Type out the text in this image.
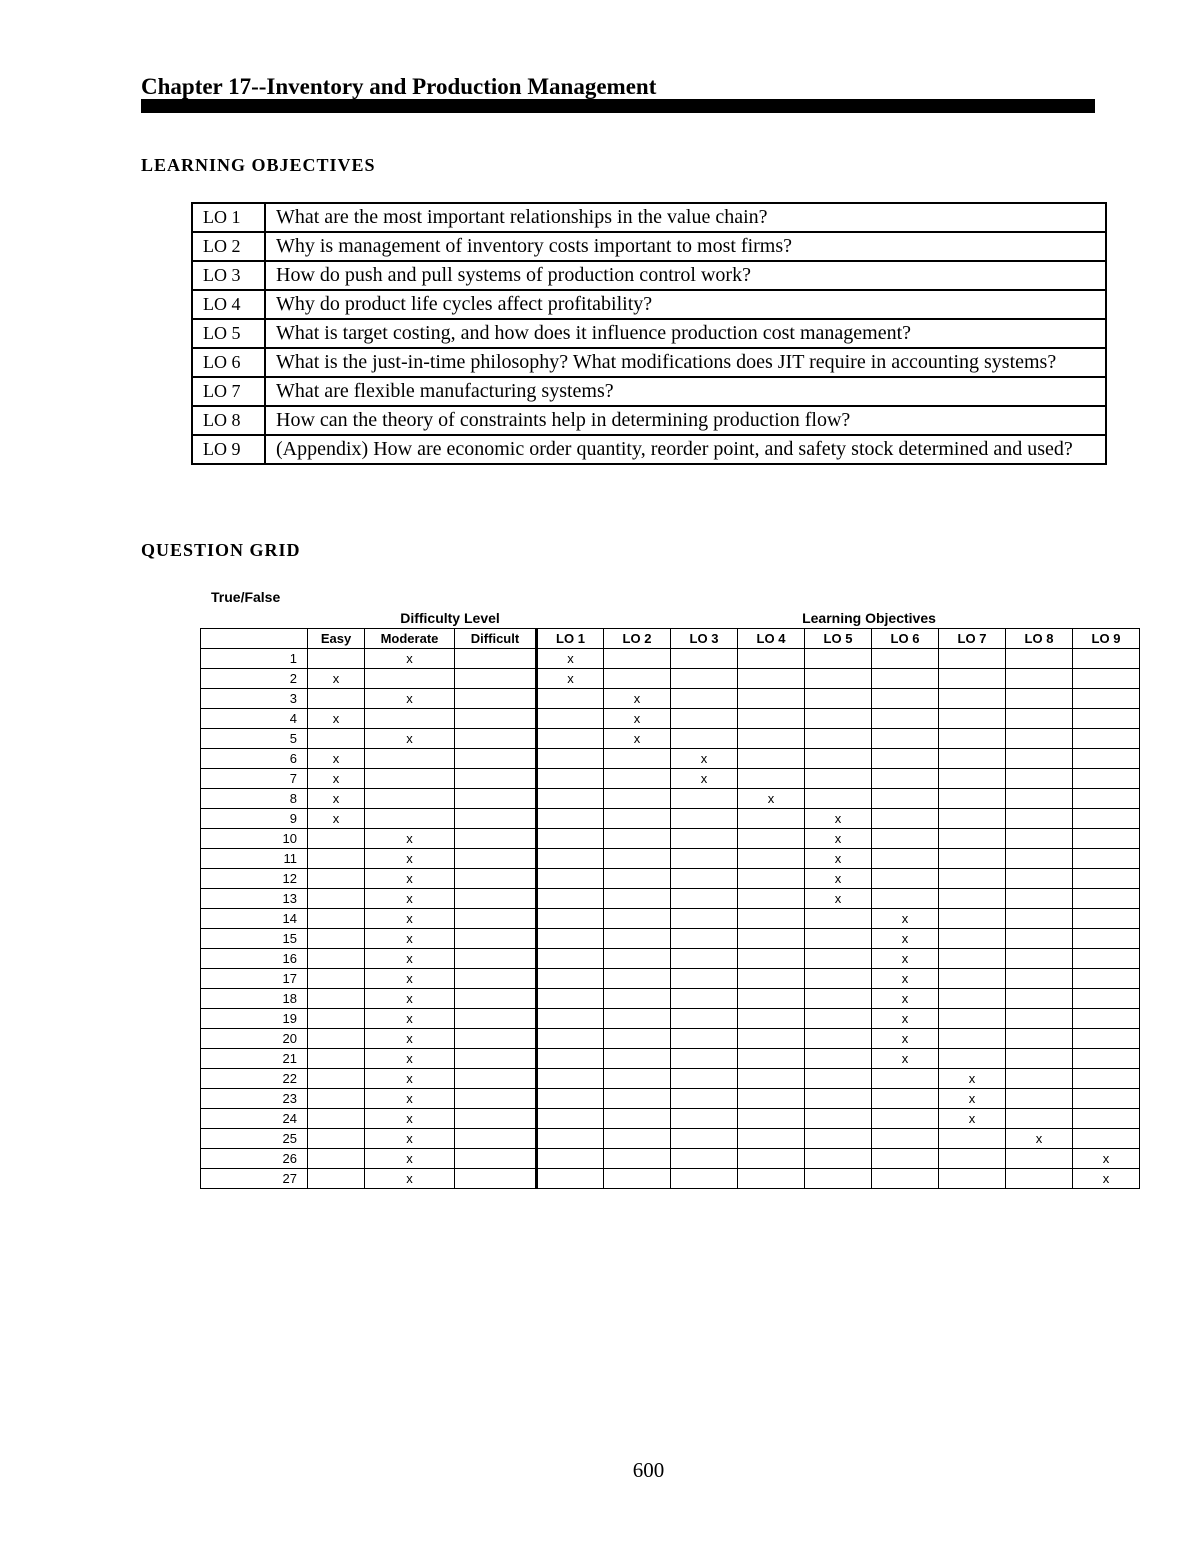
Chapter 17--Inventory and Production Management
LEARNING OBJECTIVES
LO 1	What are the most important relationships in the value chain?
LO 2	Why is management of inventory costs important to most firms?
LO 3	How do push and pull systems of production control work?
LO 4	Why do product life cycles affect profitability?
LO 5	What is target costing, and how does it influence production cost management?
LO 6	What is the just-in-time philosophy? What modifications does JIT require in accounting systems?
LO 7	What are flexible manufacturing systems?
LO 8	How can the theory of constraints help in determining production flow?
LO 9	(Appendix) How are economic order quantity, reorder point, and safety stock determined and used?
QUESTION GRID
True/False
Difficulty Level	Learning Objectives
	Easy	Moderate	Difficult	LO 1	LO 2	LO 3	LO 4	LO 5	LO 6	LO 7	LO 8	LO 9
1		x		x								
2	x			x								
3		x			x							
4	x				x							
5		x			x							
6	x					x						
7	x					x						
8	x						x					
9	x							x				
10		x						x				
11		x						x				
12		x						x				
13		x						x				
14		x							x			
15		x							x			
16		x							x			
17		x							x			
18		x							x			
19		x							x			
20		x							x			
21		x							x			
22		x								x		
23		x								x		
24		x								x		
25		x									x	
26		x										x
27		x										x
600
